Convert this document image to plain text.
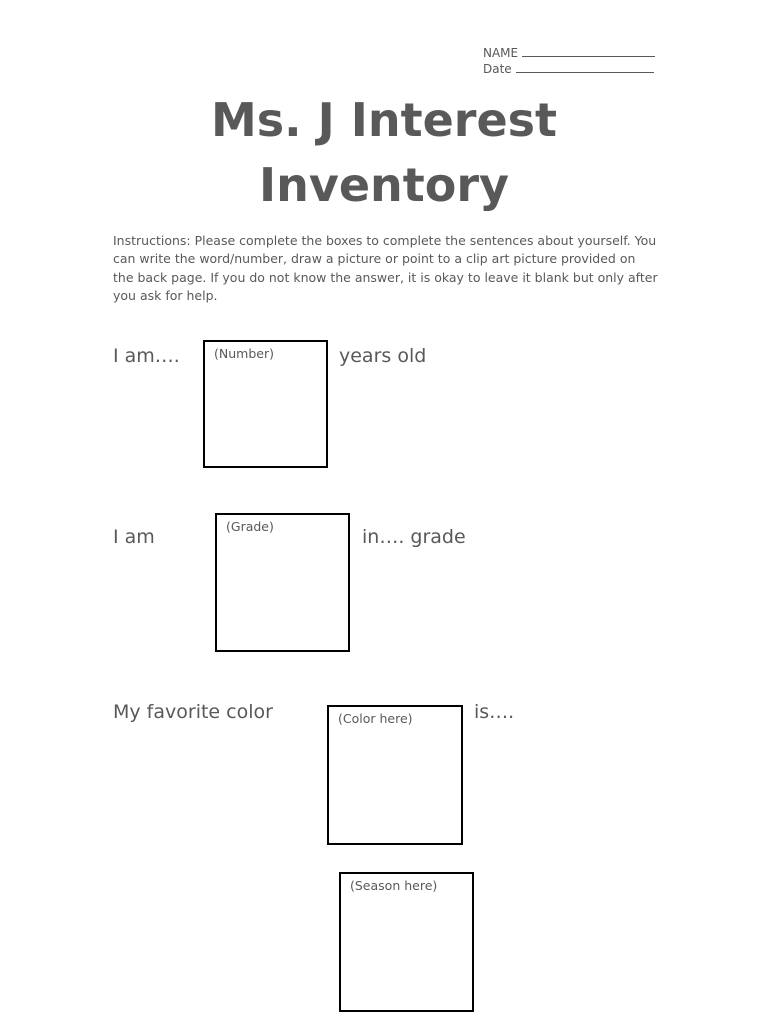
NAME
Date
Ms. J Interest
Inventory
Instructions: Please complete the boxes to complete the sentences about yourself. You can write the word/number, draw a picture or point to a clip art picture provided on the back page. If you do not know the answer, it is okay to leave it blank but only after you ask for help.
I am….	(Number)	years old
I am	(Grade)	in…. grade
My favorite color	(Color here)	is….
(Season here)
